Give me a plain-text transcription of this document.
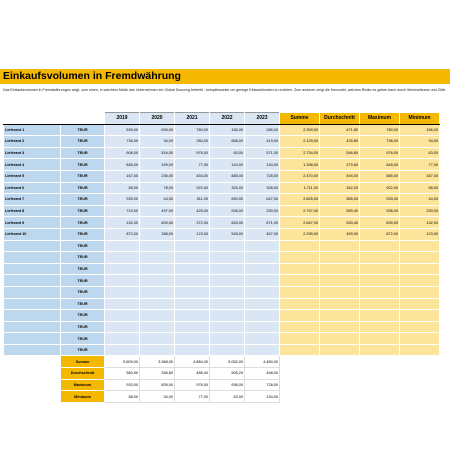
Einkaufsvolumen in Fremdwährung
Das Einkaufsvolumen in Fremdwährungen zeigt, zum einen, in welchem Maße das Unternehmen ein Global Sourcing betreibt - beispielsweise um geringe Einkaufskosten zu erzielen. Zum anderen zeigt die Kennzahl, welches Risiko es geben kann durch Wechselkurse und Zölle.
		2019	2020	2021	2022	2023	Summe	Durchschnitt	Maximum	Minimum
Lieferant 1	TEUR	539,00	639,00	780,00	156,00	285,00	2.359,00	471,80	780,00	156,00
Lieferant 2	TEUR	736,00	34,00	284,00	656,00	419,00	2.129,00	425,80	736,00	34,00
Lieferant 3	TEUR	608,00	516,00	976,00	63,00	571,00	2.734,00	546,80	976,00	63,00
Lieferant 4	TEUR	845,00	199,00	77,00	143,00	134,00	1.398,00	279,60	845,00	77,00
Lieferant 5	TEUR	167,00	236,00	454,00	885,00	728,00	2.470,00	494,00	885,00	167,00
Lieferant 6	TEUR	58,00	78,00	922,00	325,00	328,00	1.711,00	342,20	922,00	58,00
Lieferant 7	TEUR	933,00	44,00	511,00	690,00	647,00	2.825,00	565,00	933,00	44,00
Lieferant 8	TEUR	719,00	497,00	425,00	936,00	230,00	2.797,00	559,40	936,00	230,00
Lieferant 9	TEUR	132,00	839,00	372,00	653,00	671,00	2.667,00	533,40	839,00	132,00
Lieferant 10	TEUR	872,00	288,00	123,00	545,00	467,00	2.295,00	459,00	872,00	123,00
	TEUR									
	TEUR									
	TEUR									
	TEUR									
	TEUR									
	TEUR									
	TEUR									
	TEUR									
	TEUR									
	TEUR									
	Summe	5.609,00	3.368,00	4.884,00	5.052,00	4.480,00				
	Durchschnitt	560,90	336,80	488,40	505,20	448,00				
	Maximum	933,00	839,00	976,00	936,00	728,00				
	Minimum	58,00	34,00	77,00	63,00	134,00				
